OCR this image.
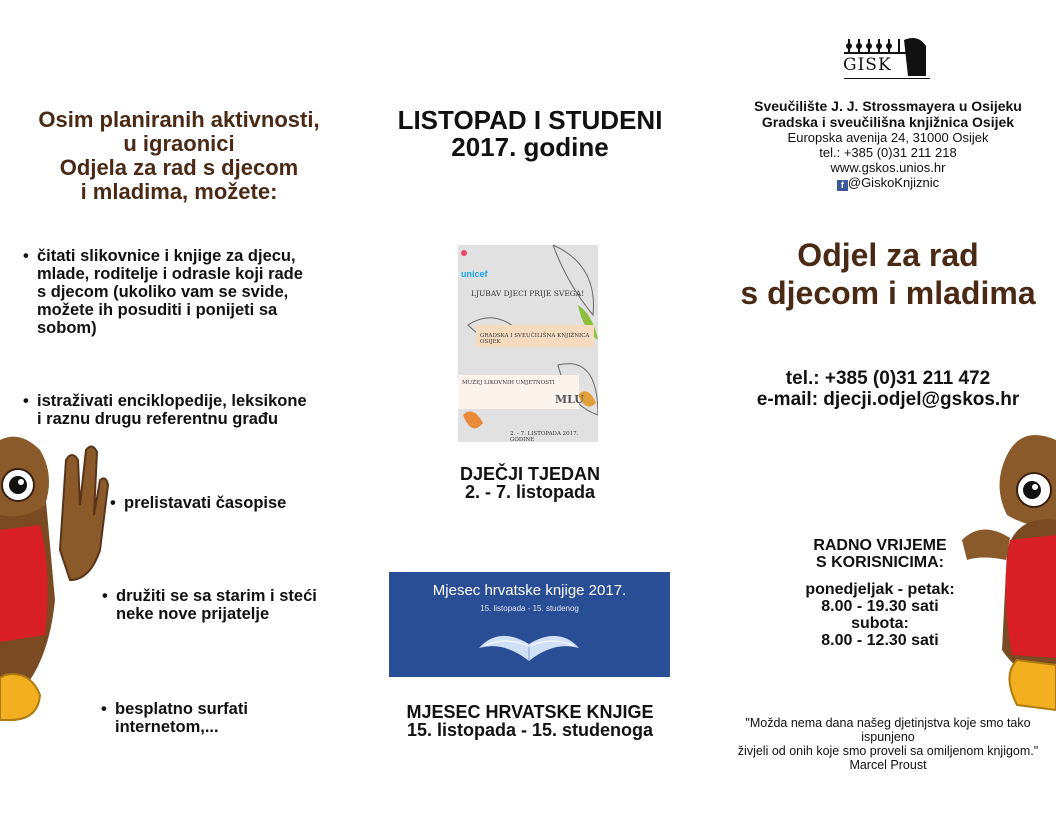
Osim planiranih aktivnosti,
u igraonici
Odjela za rad s djecom
i mladima, možete:
• čitati slikovnice i knjige za djecu,
mlade, roditelje i odrasle koji rade
s djecom (ukoliko vam se svide,
možete ih posuditi i ponijeti sa
sobom)
• istraživati enciklopedije, leksikone
i raznu drugu referentnu građu
• prelistavati časopise
• družiti se sa starim i steći
neke nove prijatelje
• besplatno surfati
internetom,...
LISTOPAD I STUDENI
2017. godine
unicef
LJUBAV DJECI PRIJE SVEGA!
GRADSKA I SVEUČILIŠNA KNJIŽNICA OSIJEK
MUZEJ LIKOVNIH UMJETNOSTI
MLU
2. - 7. LISTOPADA 2017. GODINE
DJEČJI TJEDAN
2. - 7. listopada
Mjesec hrvatske knjige 2017.
15. listopada - 15. studenog
MJESEC HRVATSKE KNJIGE
15. listopada - 15. studenoga
GISK
Sveučilište J. J. Strossmayera u Osijeku
Gradska i sveučilišna knjižnica Osijek
Europska avenija 24, 31000 Osijek
tel.: +385 (0)31 211 218
www.gskos.unios.hr
f @GiskoKnjiznic
Odjel za rad
s djecom i mladima
tel.: +385 (0)31 211 472
e-mail: djecji.odjel@gskos.hr
RADNO VRIJEME
S KORISNICIMA:
ponedjeljak - petak:
8.00 - 19.30 sati
subota:
8.00 - 12.30 sati
"Možda nema dana našeg djetinjstva koje smo tako ispunjeno
živjeli od onih koje smo proveli sa omiljenom knjigom."
Marcel Proust
